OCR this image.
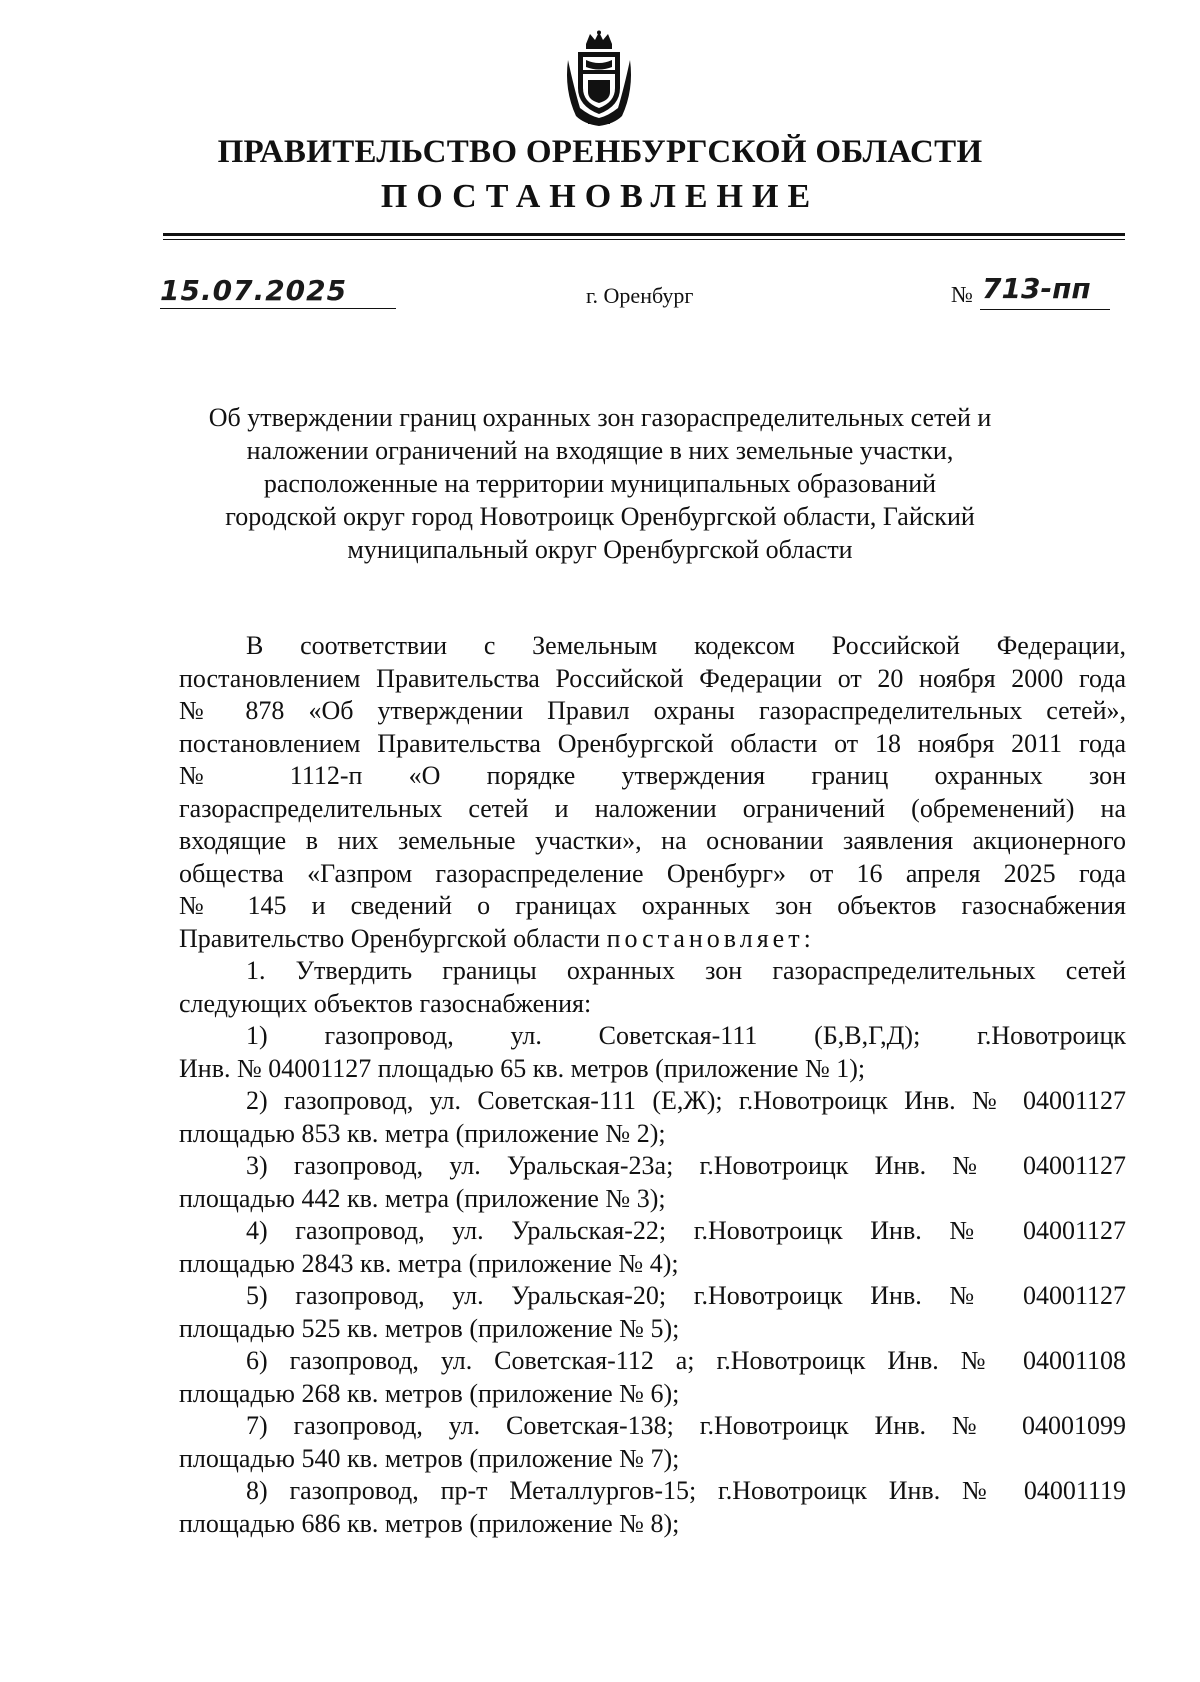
ПРАВИТЕЛЬСТВО ОРЕНБУРГСКОЙ ОБЛАСТИ
ПОСТАНОВЛЕНИЕ
15.07.2025	г. Оренбург	№ 713-пп
Об утверждении границ охранных зон газораспределительных сетей и
наложении ограничений на входящие в них земельные участки,
расположенные на территории муниципальных образований
городской округ город Новотроицк Оренбургской области, Гайский
муниципальный округ Оренбургской области
В соответствии с Земельным кодексом Российской Федерации,
постановлением Правительства Российской Федерации от 20 ноября 2000 года
№ 878 «Об утверждении Правил охраны газораспределительных сетей»,
постановлением Правительства Оренбургской области от 18 ноября 2011 года
№ 1112-п «О порядке утверждения границ охранных зон
газораспределительных сетей и наложении ограничений (обременений) на
входящие в них земельные участки», на основании заявления акционерного
общества «Газпром газораспределение Оренбург» от 16 апреля 2025 года
№ 145 и сведений о границах охранных зон объектов газоснабжения
Правительство Оренбургской области постановляет:
1. Утвердить границы охранных зон газораспределительных сетей
следующих объектов газоснабжения:
1) газопровод, ул. Советская-111 (Б,В,Г,Д); г.Новотроицк
Инв. № 04001127 площадью 65 кв. метров (приложение № 1);
2) газопровод, ул. Советская-111 (Е,Ж); г.Новотроицк Инв. № 04001127
площадью 853 кв. метра (приложение № 2);
3) газопровод, ул. Уральская-23а; г.Новотроицк Инв. № 04001127
площадью 442 кв. метра (приложение № 3);
4) газопровод, ул. Уральская-22; г.Новотроицк Инв. № 04001127
площадью 2843 кв. метра (приложение № 4);
5) газопровод, ул. Уральская-20; г.Новотроицк Инв. № 04001127
площадью 525 кв. метров (приложение № 5);
6) газопровод, ул. Советская-112 а; г.Новотроицк Инв. № 04001108
площадью 268 кв. метров (приложение № 6);
7) газопровод, ул. Советская-138; г.Новотроицк Инв. № 04001099
площадью 540 кв. метров (приложение № 7);
8) газопровод, пр-т Металлургов-15; г.Новотроицк Инв. № 04001119
площадью 686 кв. метров (приложение № 8);
